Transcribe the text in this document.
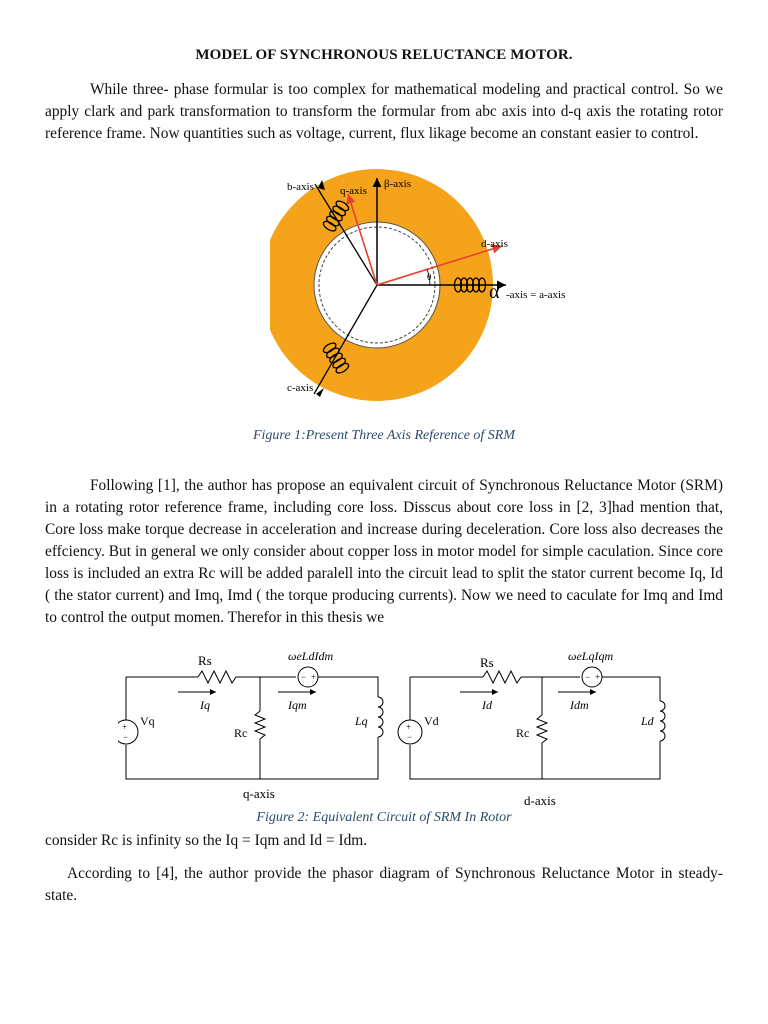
MODEL OF SYNCHRONOUS RELUCTANCE MOTOR.

While three- phase formular is too complex for mathematical modeling and practical control. So we apply clark and park transformation to transform the formular from abc axis into d-q axis the rotating rotor reference frame. Now quantities such as voltage, current, flux likage become an constant easier to control.

b-axis q-axis
β-axis
d-axis
θ
α -axis = a-axis
c-axis
Figure 1:Present Three Axis Reference of SRM

Following [1], the author has propose an equivalent circuit of Synchronous Reluctance Motor (SRM) in a rotating rotor reference frame, including core loss. Disscus about core loss in [2, 3]had mention that, Core loss make torque decrease in acceleration and increase during deceleration. Core loss also decreases the effciency. But in general we only consider about copper loss in motor model for simple caculation. Since core loss is included an extra Rc will be added paralell into the circuit lead to split the stator current become Iq, Id ( the stator current) and Imq, Imd ( the torque producing currents). Now we need to caculate for Imq and Imd to control the output momen. Therefor in this thesis we

+
−
− +
Rs	ωeLdIdm
Iq	Iqm
Vq
Rc
Lq
q-axis
+
−
− +
Rs	ωeLqIqm
Id	Idm
Vd
Rc
Ld
d-axis
Figure 2: Equivalent Circuit of SRM In Rotor

consider Rc is infinity so the Iq = Iqm and Id = Idm.

According to [4], the author provide the phasor diagram of Synchronous Reluctance Motor in steady-state.
